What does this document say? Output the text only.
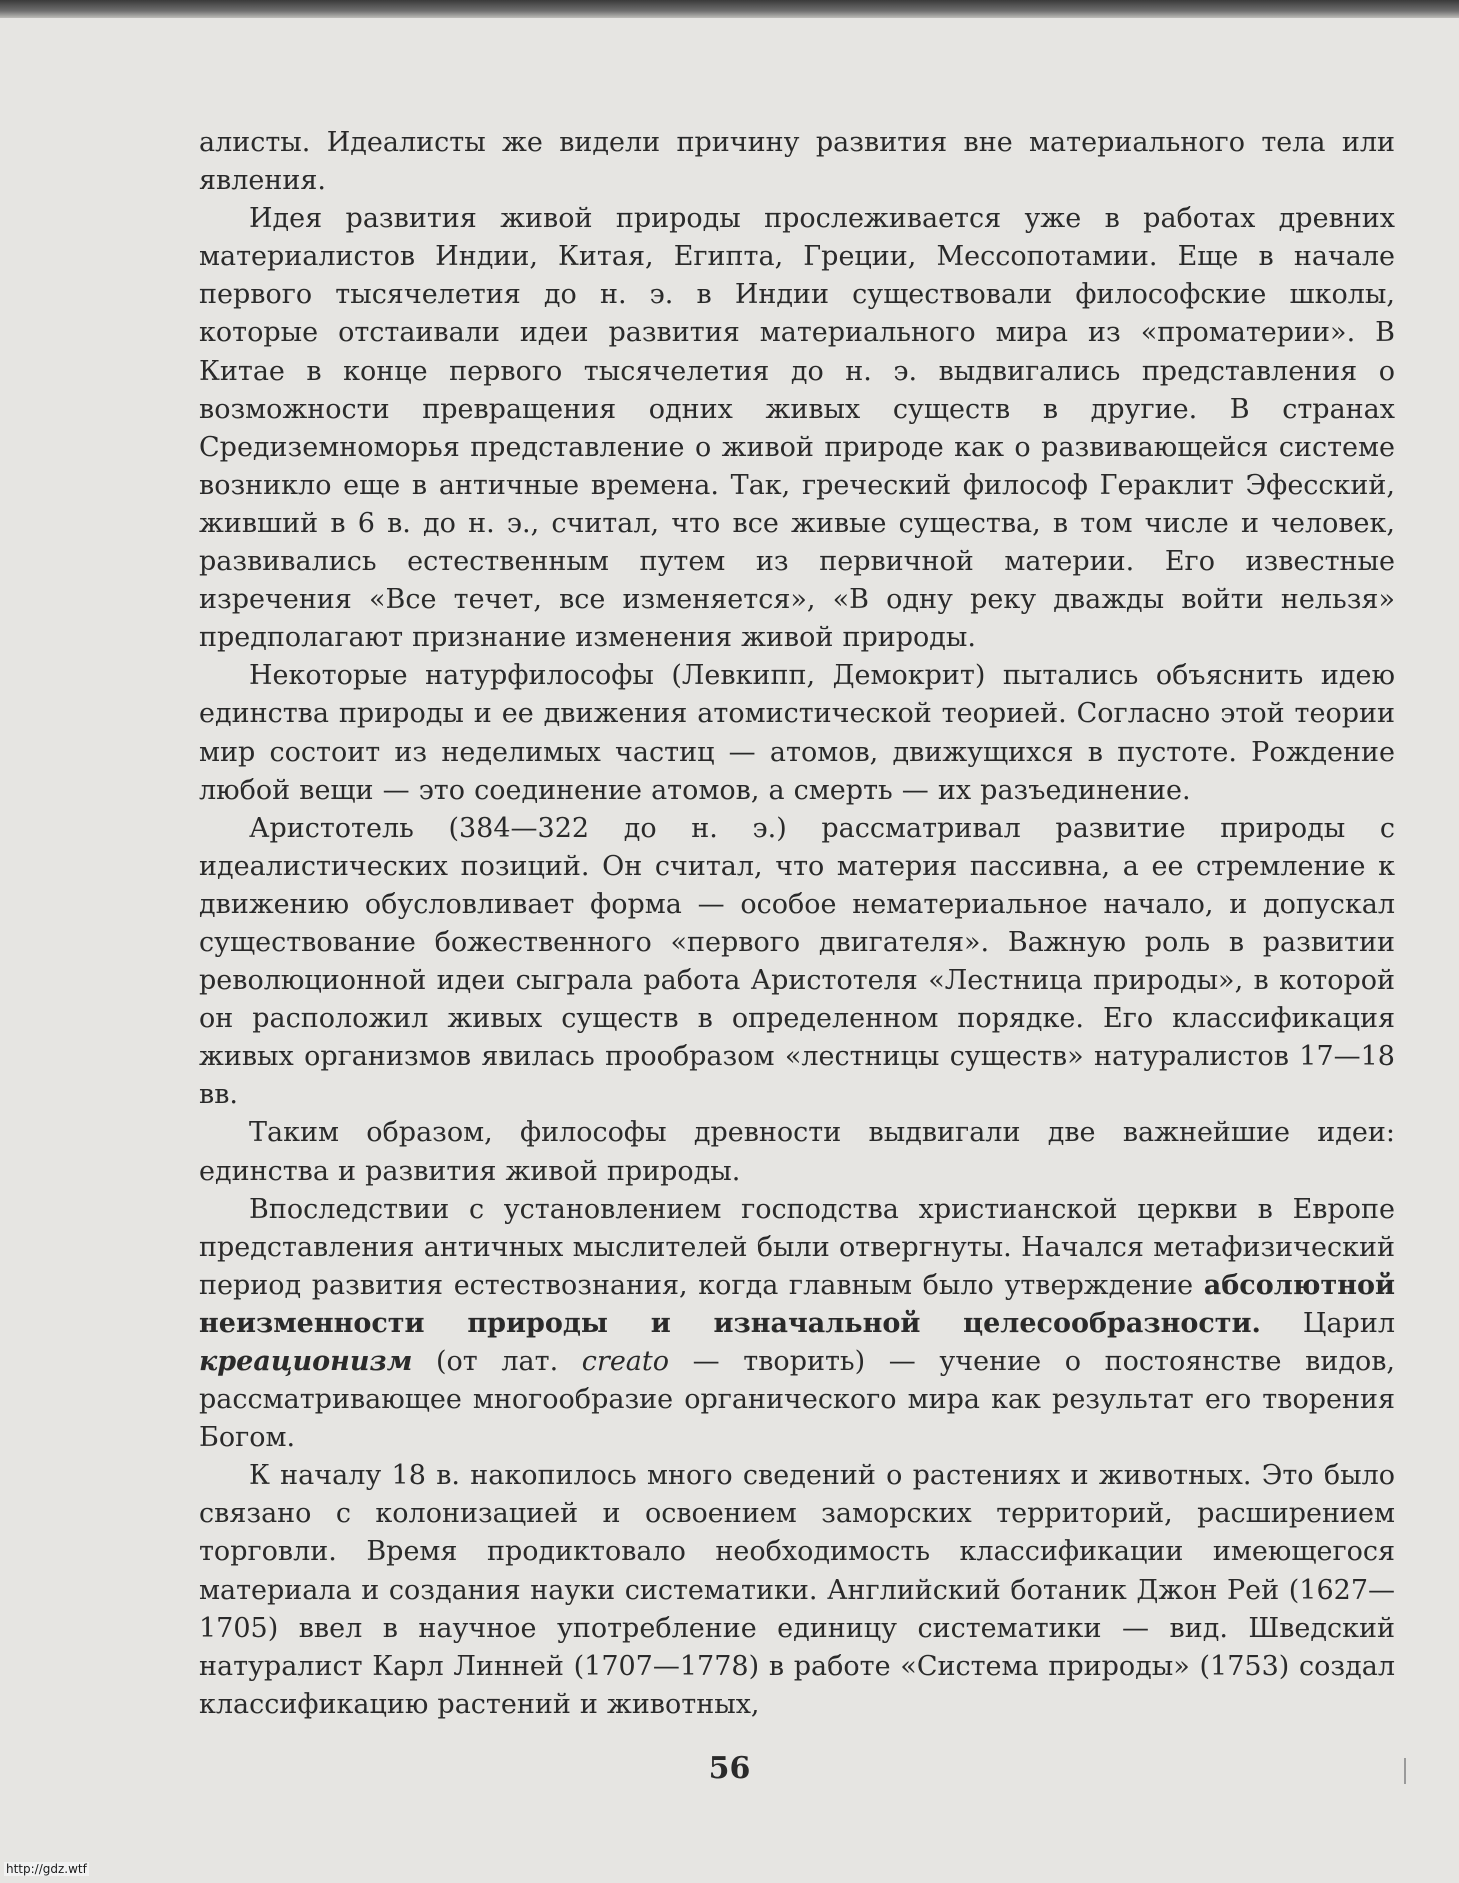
алисты. Идеалисты же видели причину развития вне материального тела или явления.

Идея развития живой природы прослеживается уже в работах древних материалистов Индии, Китая, Египта, Греции, Мессопотамии. Еще в начале первого тысячелетия до н. э. в Индии существовали философские школы, которые отстаивали идеи развития материального мира из «проматерии». В Китае в конце первого тысячелетия до н. э. выдвигались представления о возможности превращения одних живых существ в другие. В странах Средиземноморья представление о живой природе как о развивающейся системе возникло еще в античные времена. Так, греческий философ Гераклит Эфесский, живший в 6 в. до н. э., считал, что все живые существа, в том числе и человек, развивались естественным путем из первичной материи. Его известные изречения «Все течет, все изменяется», «В одну реку дважды войти нельзя» предполагают признание изменения живой природы.

Некоторые натурфилософы (Левкипп, Демокрит) пытались объяснить идею единства природы и ее движения атомистической теорией. Согласно этой теории мир состоит из неделимых частиц — атомов, движущихся в пустоте. Рождение любой вещи — это соединение атомов, а смерть — их разъединение.

Аристотель (384—322 до н. э.) рассматривал развитие природы с идеалистических позиций. Он считал, что материя пассивна, а ее стремление к движению обусловливает форма — особое нематериальное начало, и допускал существование божественного «первого двигателя». Важную роль в развитии революционной идеи сыграла работа Аристотеля «Лестница природы», в которой он расположил живых существ в определенном порядке. Его классификация живых организмов явилась прообразом «лестницы существ» натуралистов 17—18 вв.

Таким образом, философы древности выдвигали две важнейшие идеи: единства и развития живой природы.

Впоследствии с установлением господства христианской церкви в Европе представления античных мыслителей были отвергнуты. Начался метафизический период развития естествознания, когда главным было утверждение абсолютной неизменности природы и изначальной целесообразности. Царил креационизм (от лат. creato — творить) — учение о постоянстве видов, рассматривающее многообразие органического мира как результат его творения Богом.

К началу 18 в. накопилось много сведений о растениях и животных. Это было связано с колонизацией и освоением заморских территорий, расширением торговли. Время продиктовало необходимость классификации имеющегося материала и создания науки систематики. Английский ботаник Джон Рей (1627—1705) ввел в научное употребление единицу систематики — вид. Шведский натуралист Карл Линней (1707—1778) в работе «Система природы» (1753) создал классификацию растений и животных,

56
http://gdz.wtf
